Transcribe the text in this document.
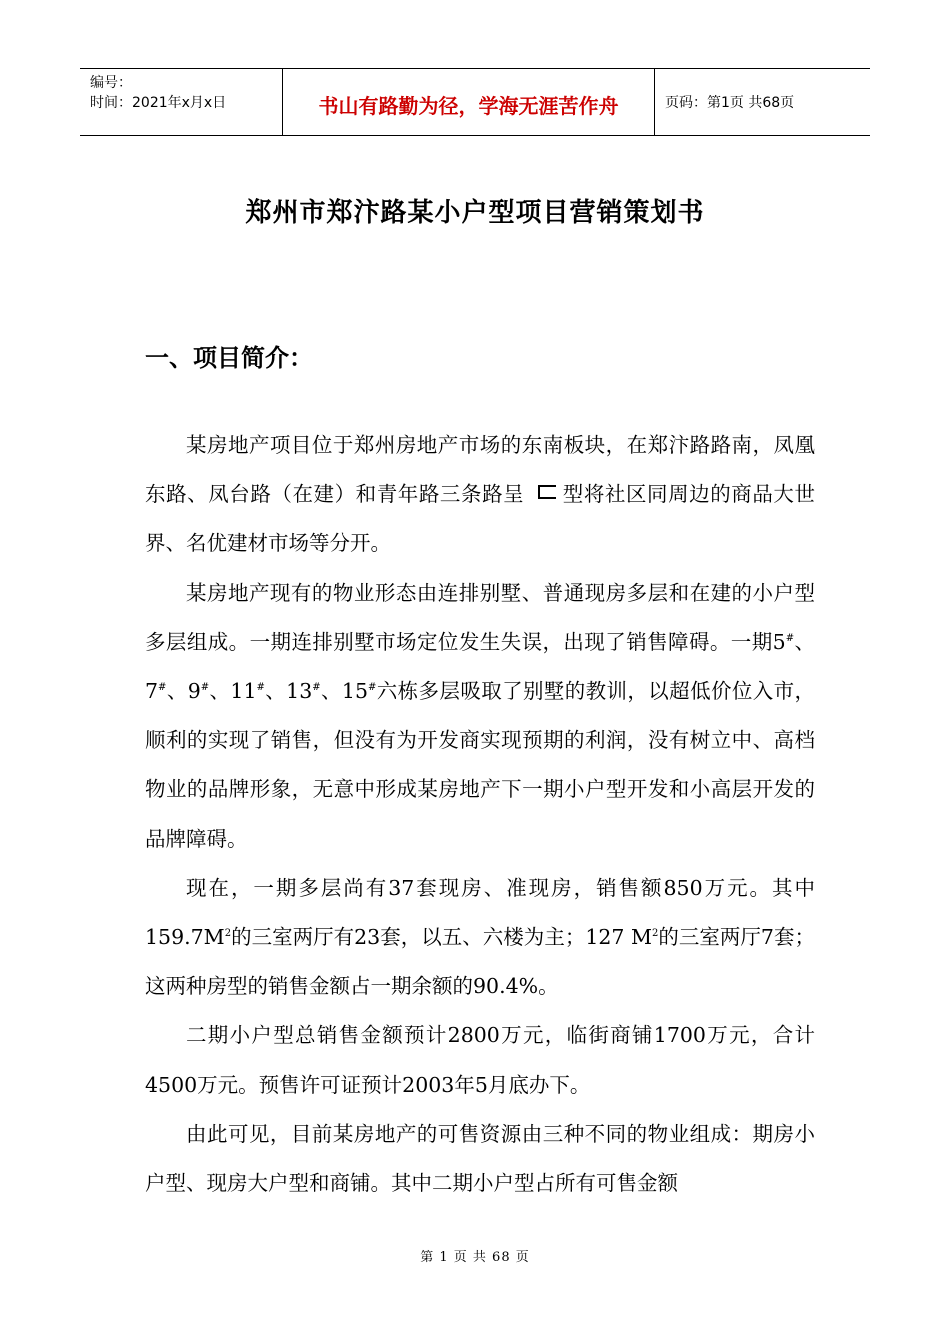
编号：
时间：2021年x月x日	书山有路勤为径，学海无涯苦作舟	页码：第1页 共68页
郑州市郑汴路某小户型项目营销策划书
一、项目简介：

某房地产项目位于郑州房地产市场的东南板块，在郑汴路路南，凤凰东路、凤台路（在建）和青年路三条路呈 型将社区同周边的商品大世界、名优建材市场等分开。

某房地产现有的物业形态由连排别墅、普通现房多层和在建的小户型多层组成。一期连排别墅市场定位发生失误，出现了销售障碍。一期5#、7#、9#、11#、13#、15#六栋多层吸取了别墅的教训，以超低价位入市，顺利的实现了销售，但没有为开发商实现预期的利润，没有树立中、高档物业的品牌形象，无意中形成某房地产下一期小户型开发和小高层开发的品牌障碍。

现在，一期多层尚有37套现房、准现房，销售额850万元。其中$159.7M^2$的三室两厅有23套，以五、六楼为主；127 $M^2$的三室两厅7套；这两种房型的销售金额占一期余额的90.4%。

二期小户型总销售金额预计2800万元，临街商铺1700万元，合计4500万元。预售许可证预计2003年5月底办下。

由此可见，目前某房地产的可售资源由三种不同的物业组成：期房小户型、现房大户型和商铺。其中二期小户型占所有可售金额

第 1 页 共 68 页
